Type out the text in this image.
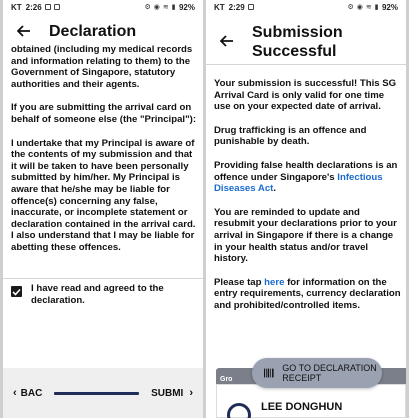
KT 2:26	⚙ ◉ ≋ ▮ 92%
Declaration

obtained (including my medical records and information relating to them) to the Government of Singapore, statutory authorities and their agents.

If you are submitting the arrival card on behalf of someone else (the "Principal"):

I undertake that my Principal is aware of the contents of my submission and that it will be taken to have been personally submitted by him/her. My Principal is aware that he/she may be liable for offence(s) concerning any false, inaccurate, or incomplete statement or declaration contained in the arrival card. I also understand that I may be liable for abetting these offences.

I have read and agreed to the declaration.
‹ BAC	SUBMI ›
KT 2:29	⚙ ◉ ≋ ▮ 92%
Submission
Successful

Your submission is successful! This SG Arrival Card is only valid for one time use on your expected date of arrival.

Drug trafficking is an offence and punishable by death.

Providing false health declarations is an offence under Singapore's Infectious Diseases Act.

You are reminded to update and resubmit your declarations prior to your arrival in Singapore if there is a change in your health status and/or travel history.

Please tap here for information on the entry requirements, currency declaration and prohibited/controlled items.

Gro
LEE DONGHUN
GO TO DECLARATION RECEIPT
